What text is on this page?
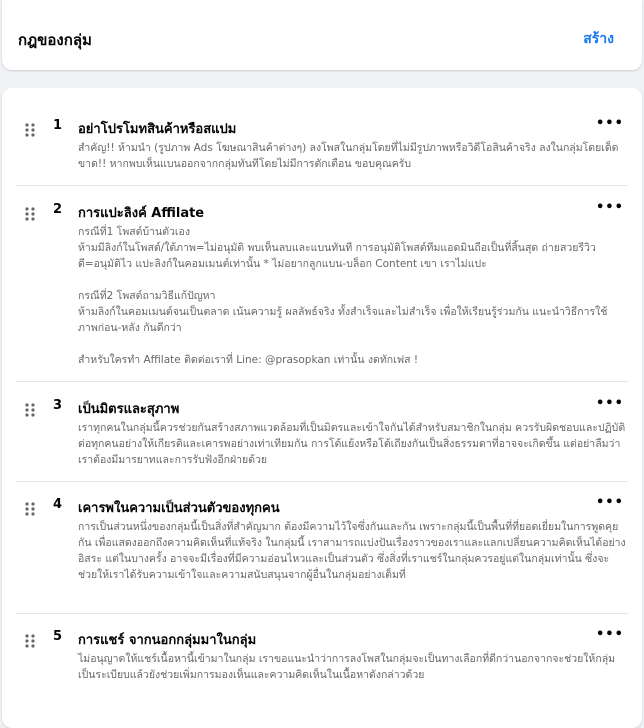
กฎของกลุ่ม	สร้าง
1 อย่าโปรโมทสินค้าหรือสแปม	•••

สำคัญ!! ห้ามนำ (รูปภาพ Ads โฆษณาสินค้าต่างๆ) ลงโพสในกลุ่มโดยที่ไม่มีรูปภาพหรือวิดีโอสินค้าจริง ลงในกลุ่มโดยเด็ดขาด!! หากพบเห็นแบนออกจากกลุ่มทันทีโดยไม่มีการตักเตือน ขอบคุณครับ

2 การแปะลิงค์ Affilate	•••

กรณีที่1 โพสต์บ้านตัวเอง

ห้ามมีลิงก์ในโพสต์/ใต้ภาพ=ไม่อนุมัติ พบเห็นลบและแบนทันที การอนุมัติโพสต์ทีมแอดมินถือเป็นที่สิ้นสุด ถ่ายสวยรีวิวดี=อนุมัติไว แปะลิงก์ในคอมเมนต์เท่านั้น * ไม่อยากลูกแบน-บล็อก Content เขา เราไม่แปะ

กรณีที่2 โพสต์ถามวิธีแก้ปัญหา

ห้ามลิงก์ในคอมเมนต์จนเป็นตลาด เน้นความรู้ ผลลัพธ์จริง ทั้งสำเร็จและไม่สำเร็จ เพื่อให้เรียนรู้ร่วมกัน แนะนำวิธีการใช้ ภาพก่อน-หลัง กันดีกว่า

สำหรับใครทำ Affilate ติดต่อเราที่ Line: @prasopkan เท่านั้น งดทักเฟส !

3 เป็นมิตรและสุภาพ	•••

เราทุกคนในกลุ่มนี้ควรช่วยกันสร้างสภาพแวดล้อมที่เป็นมิตรและเข้าใจกันได้สำหรับสมาชิกในกลุ่ม ควรรับผิดชอบและปฏิบัติต่อทุกคนอย่างให้เกียรติและเคารพอย่างเท่าเทียมกัน การโต้แย้งหรือโต้เถียงกันเป็นสิ่งธรรมดาที่อาจจะเกิดขึ้น แต่อย่าลืมว่าเราต้องมีมารยาทและการรับฟังอีกฝ่ายด้วย

4 เคารพในความเป็นส่วนตัวของทุกคน	•••

การเป็นส่วนหนึ่งของกลุ่มนี้เป็นสิ่งที่สำคัญมาก ต้องมีความไว้ใจซึ่งกันและกัน เพราะกลุ่มนี้เป็นพื้นที่ที่ยอดเยี่ยมในการพูดคุยกัน เพื่อแสดงออกถึงความคิดเห็นที่แท้จริง ในกลุ่มนี้ เราสามารถแบ่งปันเรื่องราวของเราและแลกเปลี่ยนความคิดเห็นได้อย่างอิสระ แต่ในบางครั้ง อาจจะมีเรื่องที่มีความอ่อนไหวและเป็นส่วนตัว ซึ่งสิ่งที่เราแชร์ในกลุ่มควรอยู่แต่ในกลุ่มเท่านั้น ซึ่งจะช่วยให้เราได้รับความเข้าใจและความสนับสนุนจากผู้อื่นในกลุ่มอย่างเต็มที่

5 การแชร์ จากนอกกลุ่มมาในกลุ่ม	•••

ไม่อนุญาตให้แชร์เนื้อหานี้เข้ามาในกลุ่ม เราขอแนะนำว่าการลงโพสในกลุ่มจะเป็นทางเลือกที่ดีกว่านอกจากจะช่วยให้กลุ่มเป็นระเบียบแล้วยังช่วยเพิ่มการมองเห็นและความคิดเห็นในเนื้อหาดังกล่าวด้วย
